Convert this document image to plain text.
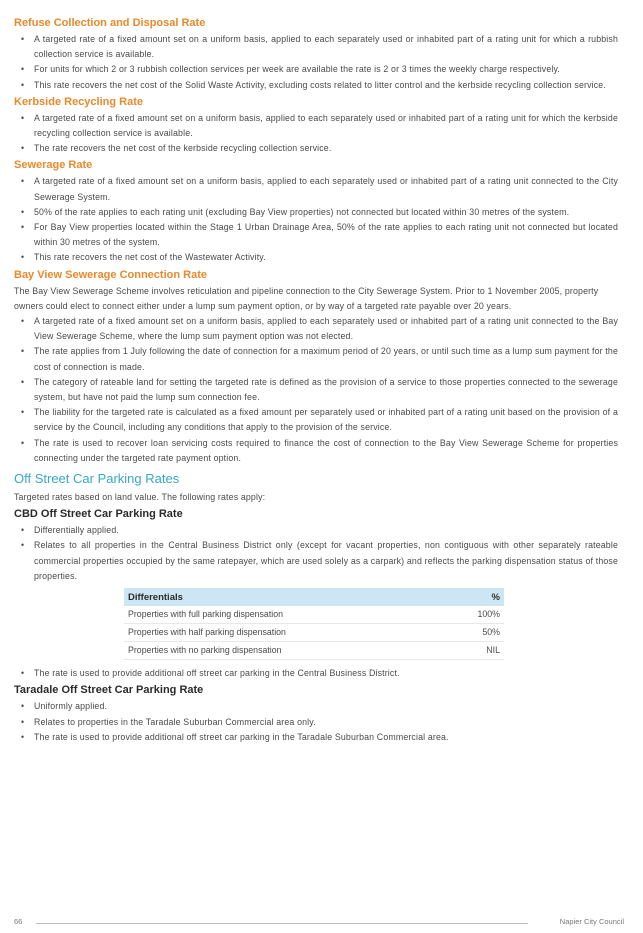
Refuse Collection and Disposal Rate
• A targeted rate of a fixed amount set on a uniform basis, applied to each separately used or inhabited part of a rating unit for which a rubbish collection service is available.
• For units for which 2 or 3 rubbish collection services per week are available the rate is 2 or 3 times the weekly charge respectively.
• This rate recovers the net cost of the Solid Waste Activity, excluding costs related to litter control and the kerbside recycling collection service.
Kerbside Recycling Rate
• A targeted rate of a fixed amount set on a uniform basis, applied to each separately used or inhabited part of a rating unit for which the kerbside recycling collection service is available.
• The rate recovers the net cost of the kerbside recycling collection service.
Sewerage Rate
• A targeted rate of a fixed amount set on a uniform basis, applied to each separately used or inhabited part of a rating unit connected to the City Sewerage System.
• 50% of the rate applies to each rating unit (excluding Bay View properties) not connected but located within 30 metres of the system.
• For Bay View properties located within the Stage 1 Urban Drainage Area, 50% of the rate applies to each rating unit not connected but located within 30 metres of the system.
• This rate recovers the net cost of the Wastewater Activity.
Bay View Sewerage Connection Rate

The Bay View Sewerage Scheme involves reticulation and pipeline connection to the City Sewerage System. Prior to 1 November 2005, property owners could elect to connect either under a lump sum payment option, or by way of a targeted rate payable over 20 years.

• A targeted rate of a fixed amount set on a uniform basis, applied to each separately used or inhabited part of a rating unit connected to the Bay View Sewerage Scheme, where the lump sum payment option was not elected.
• The rate applies from 1 July following the date of connection for a maximum period of 20 years, or until such time as a lump sum payment for the cost of connection is made.
• The category of rateable land for setting the targeted rate is defined as the provision of a service to those properties connected to the sewerage system, but have not paid the lump sum connection fee.
• The liability for the targeted rate is calculated as a fixed amount per separately used or inhabited part of a rating unit based on the provision of a service by the Council, including any conditions that apply to the provision of the service.
• The rate is used to recover loan servicing costs required to finance the cost of connection to the Bay View Sewerage Scheme for properties connecting under the targeted rate payment option.
Off Street Car Parking Rates

Targeted rates based on land value. The following rates apply:

CBD Off Street Car Parking Rate
• Differentially applied.
• Relates to all properties in the Central Business District only (except for vacant properties, non contiguous with other separately rateable commercial properties occupied by the same ratepayer, which are used solely as a carpark) and reflects the parking dispensation status of those properties.
Differentials	%
Properties with full parking dispensation	100%
Properties with half parking dispensation	50%
Properties with no parking dispensation	NIL
• The rate is used to provide additional off street car parking in the Central Business District.
Taradale Off Street Car Parking Rate
• Uniformly applied.
• Relates to properties in the Taradale Suburban Commercial area only.
• The rate is used to provide additional off street car parking in the Taradale Suburban Commercial area.
66	Napier City Council
